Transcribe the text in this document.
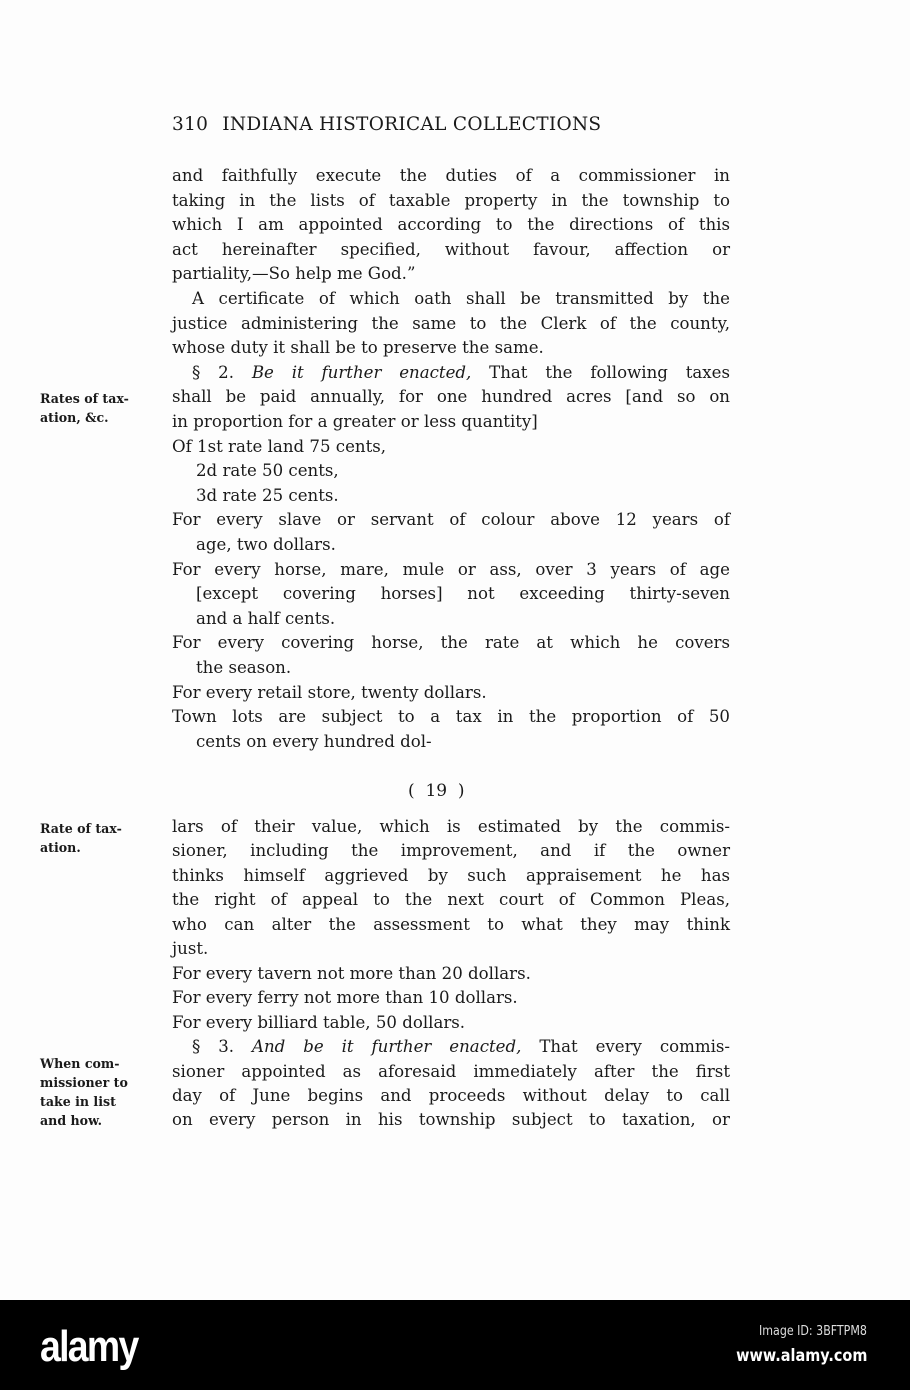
310 INDIANA HISTORICAL COLLECTIONS
and faithfully execute the duties of a commissioner in
taking in the lists of taxable property in the township to
which I am appointed according to the directions of this
act hereinafter specified, without favour, affection or
partiality,—So help me God.”
A certificate of which oath shall be transmitted by the
justice administering the same to the Clerk of the county,
whose duty it shall be to preserve the same.
§ 2. Be it further enacted, That the following taxes
shall be paid annually, for one hundred acres [and so on
in proportion for a greater or less quantity]
Of 1st rate land 75 cents,
2d rate 50 cents,
3d rate 25 cents.
For every slave or servant of colour above 12 years of
age, two dollars.
For every horse, mare, mule or ass, over 3 years of age
[except covering horses] not exceeding thirty-seven
and a half cents.
For every covering horse, the rate at which he covers
the season.
For every retail store, twenty dollars.
Town lots are subject to a tax in the proportion of 50
cents on every hundred dol-
lars of their value, which is estimated by the commis-
sioner, including the improvement, and if the owner
thinks himself aggrieved by such appraisement he has
the right of appeal to the next court of Common Pleas,
who can alter the assessment to what they may think
just.
For every tavern not more than 20 dollars.
For every ferry not more than 10 dollars.
For every billiard table, 50 dollars.
§ 3. And be it further enacted, That every commis-
sioner appointed as aforesaid immediately after the first
day of June begins and proceeds without delay to call
on every person in his township subject to taxation, or
(  19  )
Rates of tax-
ation, &c.
Rate of tax-
ation.
When com-
missioner to
take in list
and how.
alamy	Image ID: 3BFTPM8
www.alamy.com
